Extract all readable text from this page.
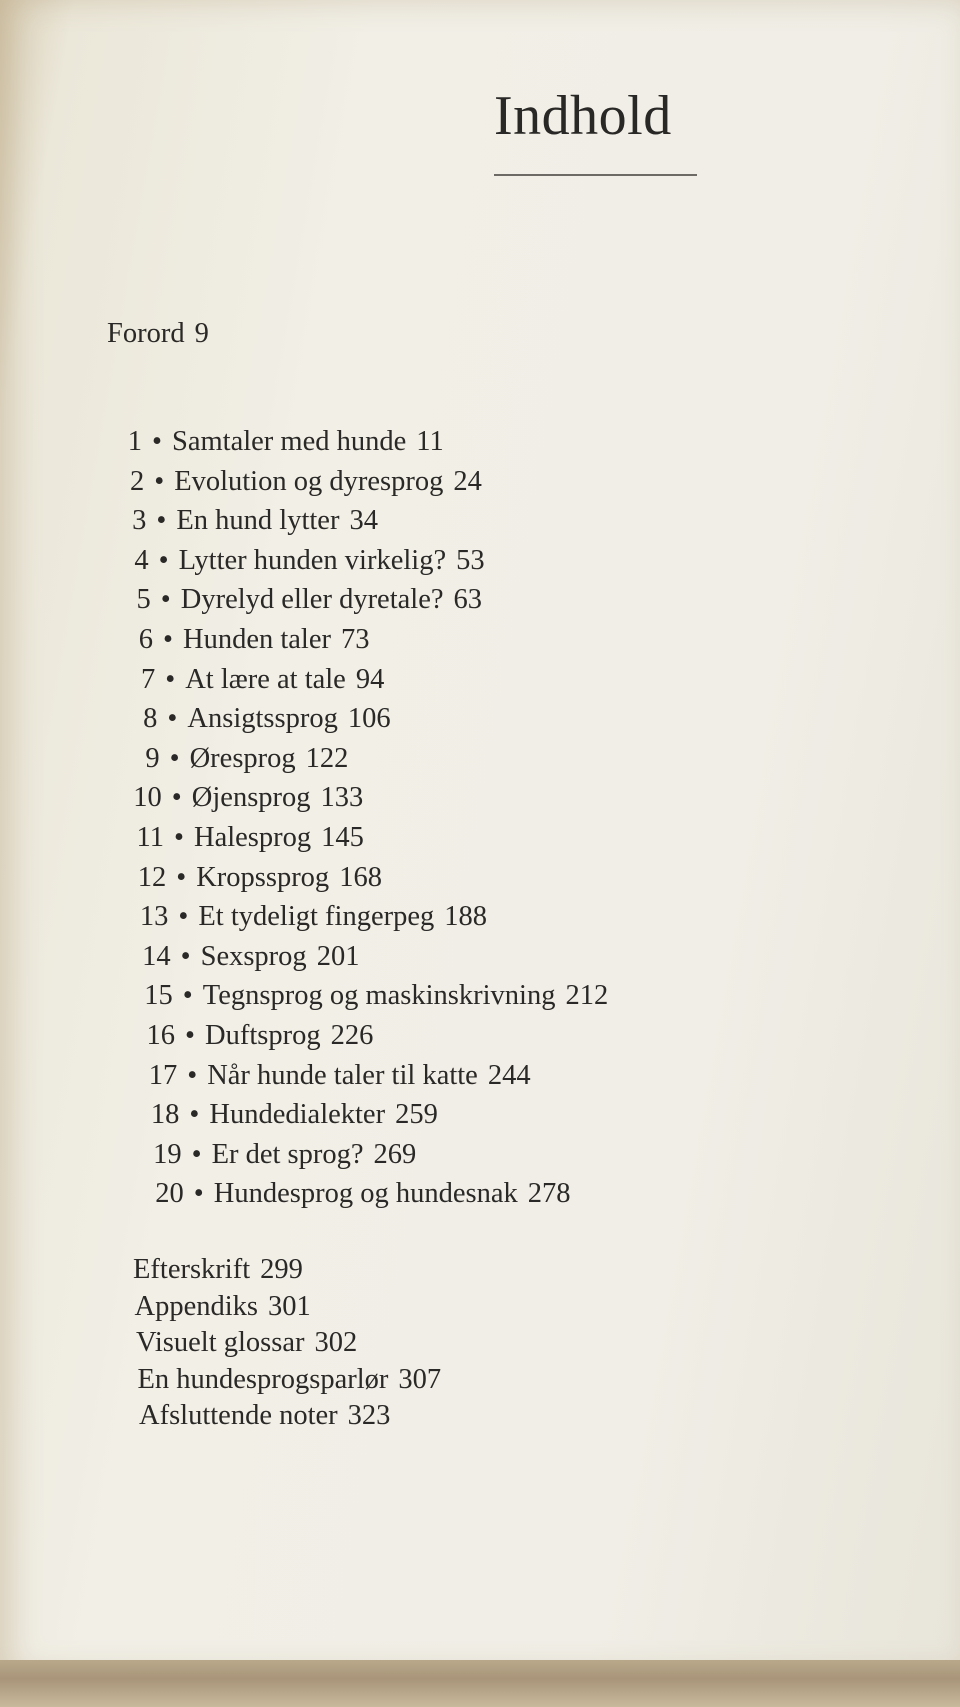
Indhold
Forord 9
1 • Samtaler med hunde 11
2 • Evolution og dyresprog 24
3 • En hund lytter 34
4 • Lytter hunden virkelig? 53
5 • Dyrelyd eller dyretale? 63
6 • Hunden taler 73
7 • At lære at tale 94
8 • Ansigtssprog 106
9 • Øresprog 122
10 • Øjensprog 133
11 • Halesprog 145
12 • Kropssprog 168
13 • Et tydeligt fingerpeg 188
14 • Sexsprog 201
15 • Tegnsprog og maskinskrivning 212
16 • Duftsprog 226
17 • Når hunde taler til katte 244
18 • Hundedialekter 259
19 • Er det sprog? 269
20 • Hundesprog og hundesnak 278
Efterskrift 299
Appendiks 301
Visuelt glossar 302
En hundesprogsparlør 307
Afsluttende noter 323
